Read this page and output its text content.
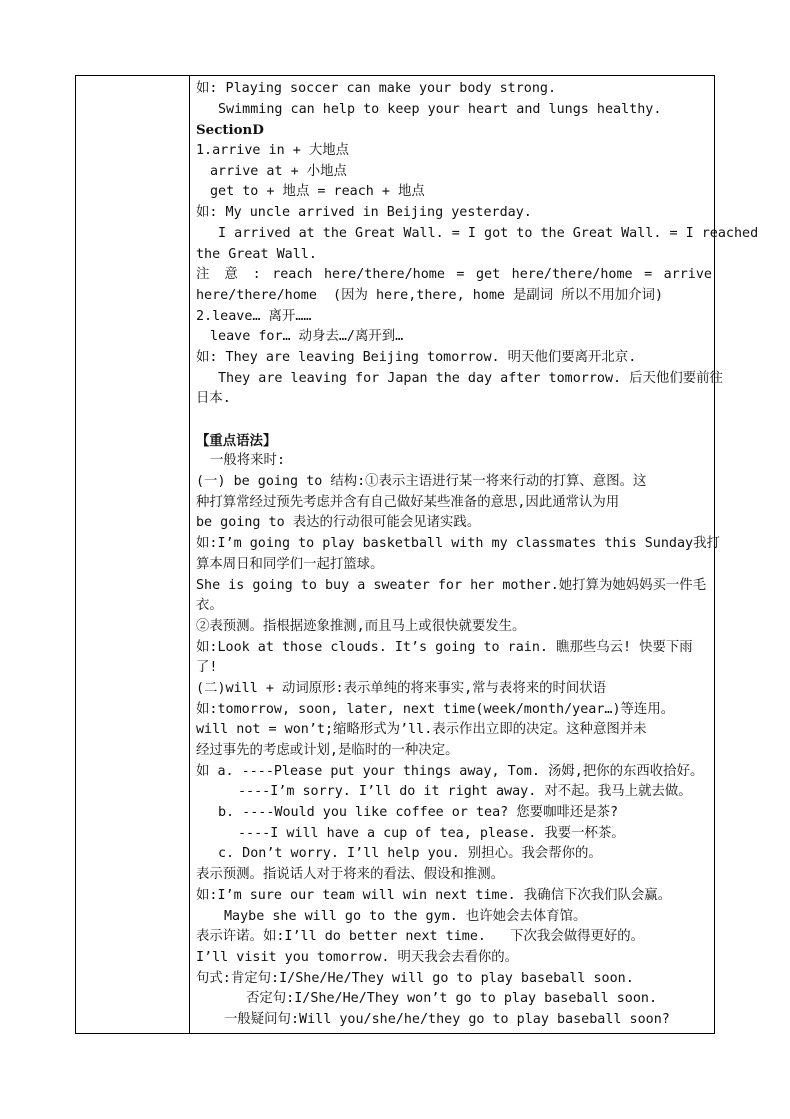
如: Playing soccer can make your body strong.
Swimming can help to keep your heart and lungs healthy.
SectionD
1.arrive in + 大地点
arrive at + 小地点
get to + 地点 = reach + 地点
如: My uncle arrived in Beijing yesterday.
I arrived at the Great Wall. = I got to the Great Wall. = I reached
the Great Wall.
注 意 : reach here/there/home = get here/there/home = arrive
here/there/home  (因为 here,there, home 是副词 所以不用加介词)
2.leave… 离开……
leave for… 动身去…/离开到…
如: They are leaving Beijing tomorrow. 明天他们要离开北京.
They are leaving for Japan the day after tomorrow. 后天他们要前往
日本.
【重点语法】
一般将来时:
(一) be going to 结构:①表示主语进行某一将来行动的打算、意图。这
种打算常经过预先考虑并含有自己做好某些准备的意思,因此通常认为用
be going to 表达的行动很可能会见诸实践。
如:I’m going to play basketball with my classmates this Sunday我打
算本周日和同学们一起打篮球。
She is going to buy a sweater for her mother.她打算为她妈妈买一件毛
衣。
②表预测。指根据迹象推测,而且马上或很快就要发生。
如:Look at those clouds. It’s going to rain. 瞧那些乌云! 快要下雨
了!
(二)will + 动词原形:表示单纯的将来事实,常与表将来的时间状语
如:tomorrow, soon, later, next time(week/month/year…)等连用。
will not = won’t;缩略形式为’ll.表示作出立即的决定。这种意图并未
经过事先的考虑或计划,是临时的一种决定。
如 a. ----Please put your things away, Tom. 汤姆,把你的东西收拾好。
----I’m sorry. I’ll do it right away. 对不起。我马上就去做。
b. ----Would you like coffee or tea? 您要咖啡还是茶?
----I will have a cup of tea, please. 我要一杯茶。
c. Don’t worry. I’ll help you. 别担心。我会帮你的。
表示预测。指说话人对于将来的看法、假设和推测。
如:I’m sure our team will win next time. 我确信下次我们队会赢。
Maybe she will go to the gym. 也许她会去体育馆。
表示许诺。如:I’ll do better next time.   下次我会做得更好的。
I’ll visit you tomorrow. 明天我会去看你的。
句式:肯定句:I/She/He/They will go to play baseball soon.
否定句:I/She/He/They won’t go to play baseball soon.
一般疑问句:Will you/she/he/they go to play baseball soon?
